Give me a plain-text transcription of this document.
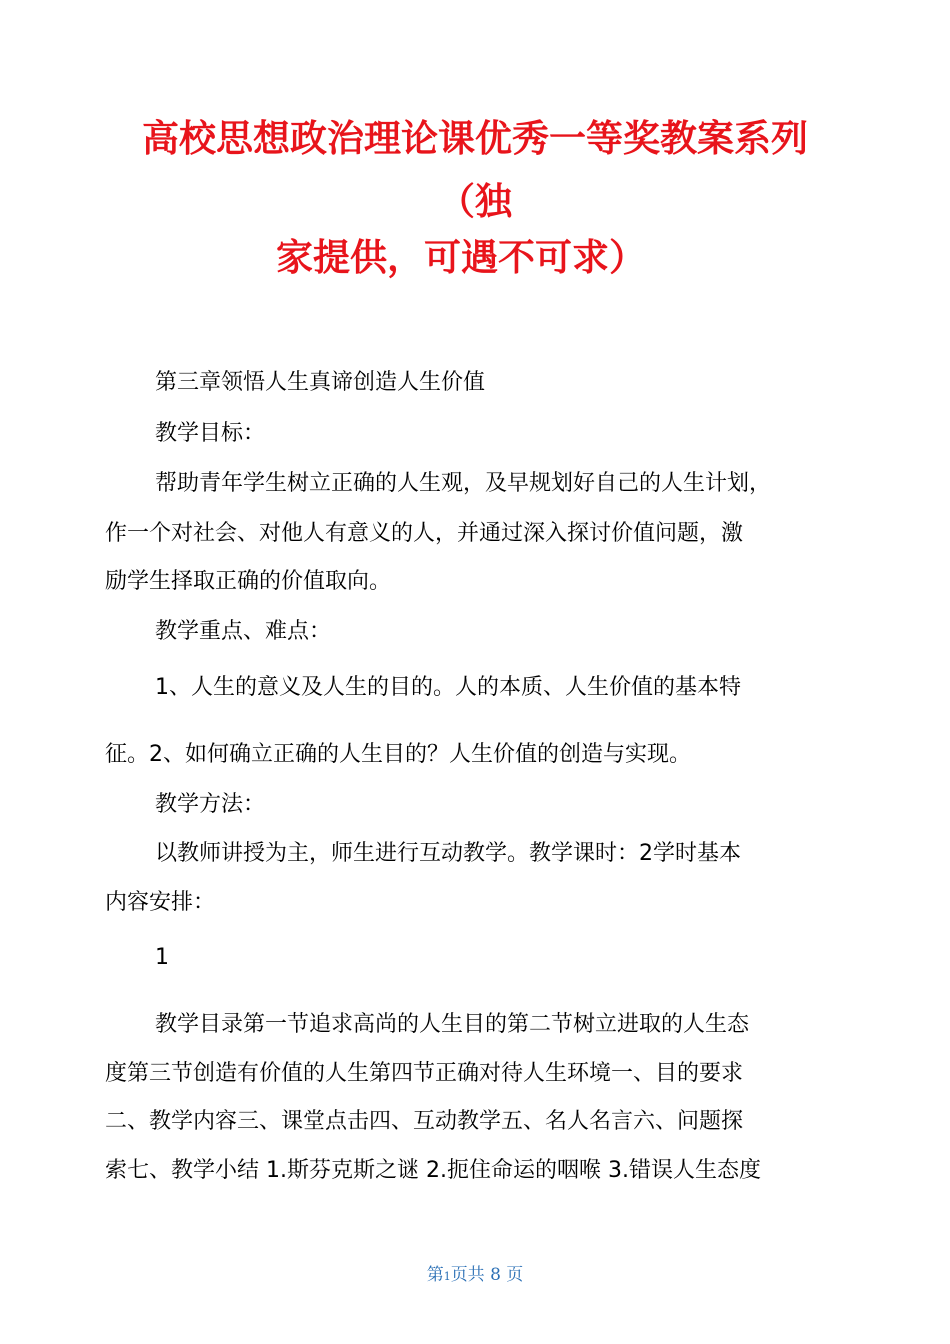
高校思想政治理论课优秀一等奖教案系列
（独
家提供，可遇不可求）
第三章领悟人生真谛创造人生价值
教学目标：
帮助青年学生树立正确的人生观，及早规划好自己的人生计划，
作一个对社会、对他人有意义的人，并通过深入探讨价值问题，激
励学生择取正确的价值取向。
教学重点、难点：
1、人生的意义及人生的目的。人的本质、人生价值的基本特
征。2、如何确立正确的人生目的？人生价值的创造与实现。
教学方法：
以教师讲授为主，师生进行互动教学。教学课时：2学时基本
内容安排：
1
教学目录第一节追求高尚的人生目的第二节树立进取的人生态
度第三节创造有价值的人生第四节正确对待人生环境一、目的要求
二、教学内容三、课堂点击四、互动教学五、名人名言六、问题探
索七、教学小结 1.斯芬克斯之谜 2.扼住命运的咽喉 3.错误人生态度
第1页共 8 页
